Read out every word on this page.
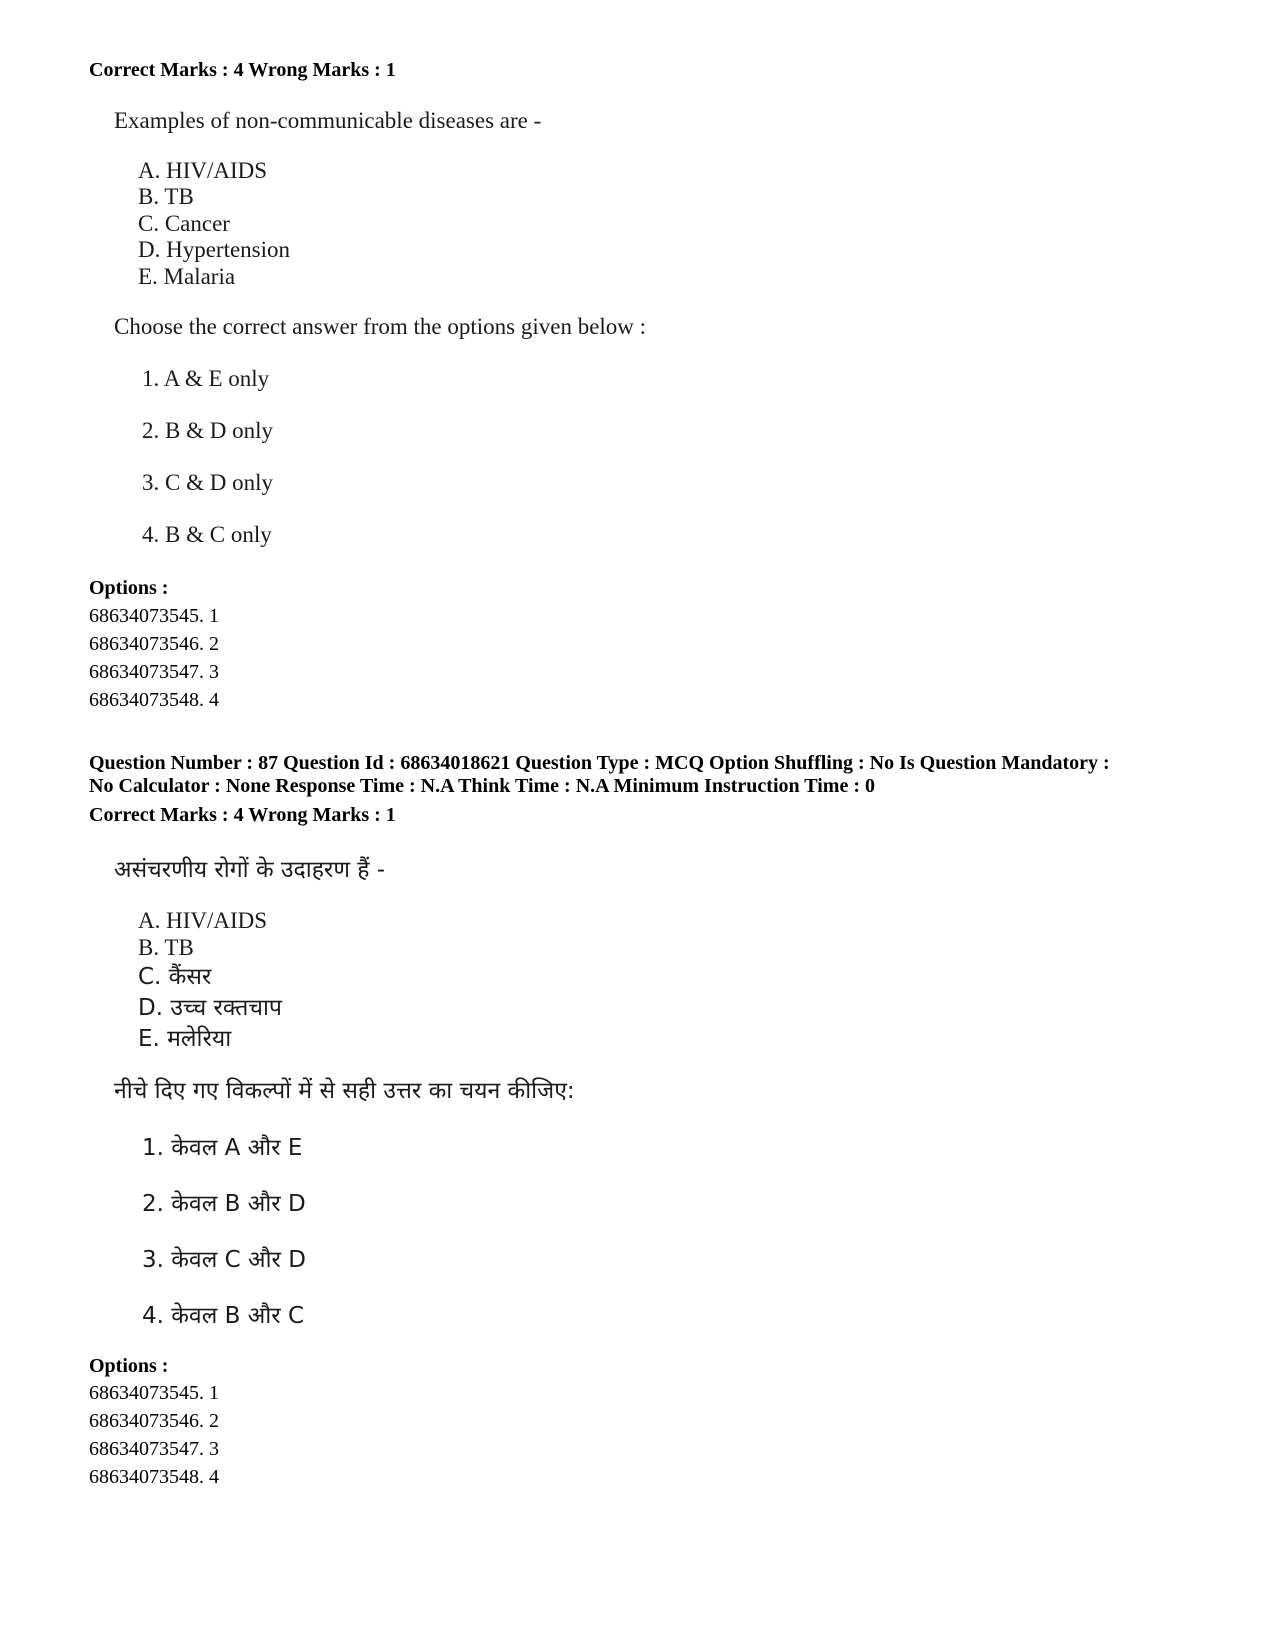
Correct Marks : 4 Wrong Marks : 1
Examples of non-communicable diseases are -
A. HIV/AIDS
B. TB
C. Cancer
D. Hypertension
E. Malaria
Choose the correct answer from the options given below :
1. A & E only
2. B & D only
3. C & D only
4. B & C only
Options :
68634073545. 1
68634073546. 2
68634073547. 3
68634073548. 4
Question Number : 87 Question Id : 68634018621 Question Type : MCQ Option Shuffling : No Is Question Mandatory :
No Calculator : None Response Time : N.A Think Time : N.A Minimum Instruction Time : 0
Correct Marks : 4 Wrong Marks : 1
असंचरणीय रोगों के उदाहरण हैं -
A. HIV/AIDS
B. TB
C. कैंसर
D. उच्च रक्तचाप
E. मलेरिया
नीचे दिए गए विकल्पों में से सही उत्तर का चयन कीजिए:
1. केवल A और E
2. केवल B और D
3. केवल C और D
4. केवल B और C
Options :
68634073545. 1
68634073546. 2
68634073547. 3
68634073548. 4
